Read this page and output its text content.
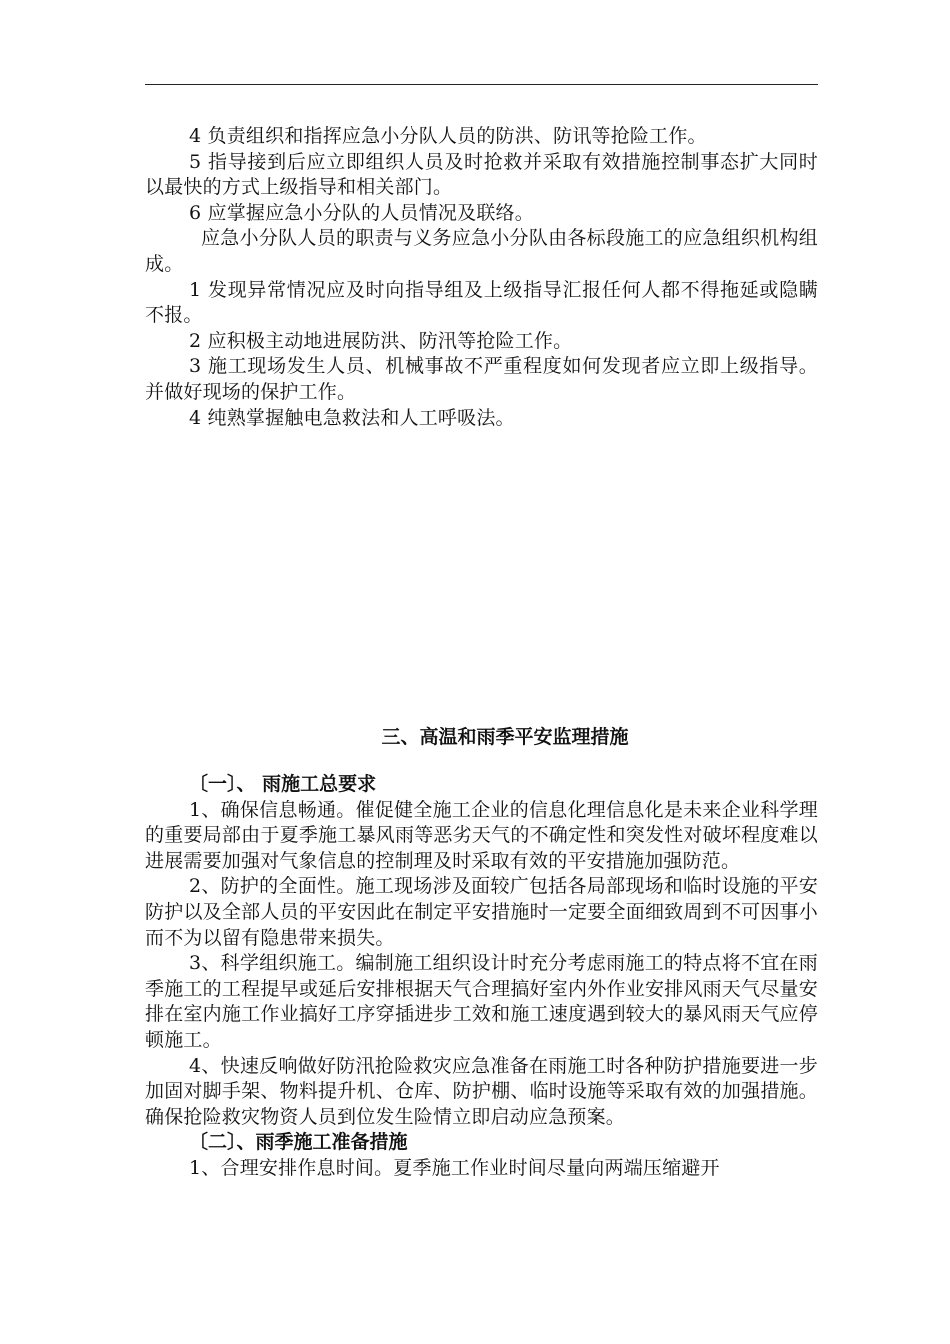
4 负责组织和指挥应急小分队人员的防洪、防讯等抢险工作。

5 指导接到后应立即组织人员及时抢救并采取有效措施控制事态扩大同时以最快的方式上级指导和相关部门。

6 应掌握应急小分队的人员情况及联络。

应急小分队人员的职责与义务应急小分队由各标段施工的应急组织机构组成。

1 发现异常情况应及时向指导组及上级指导汇报任何人都不得拖延或隐瞒不报。

2 应积极主动地进展防洪、防汛等抢险工作。

3 施工现场发生人员、机械事故不严重程度如何发现者应立即上级指导。并做好现场的保护工作。

4 纯熟掌握触电急救法和人工呼吸法。

三、高温和雨季平安监理措施

〔一〕、 雨施工总要求

1、确保信息畅通。催促健全施工企业的信息化理信息化是未来企业科学理的重要局部由于夏季施工暴风雨等恶劣天气的不确定性和突发性对破坏程度难以进展需要加强对气象信息的控制理及时采取有效的平安措施加强防范。

2、防护的全面性。施工现场涉及面较广包括各局部现场和临时设施的平安防护以及全部人员的平安因此在制定平安措施时一定要全面细致周到不可因事小而不为以留有隐患带来损失。

3、科学组织施工。编制施工组织设计时充分考虑雨施工的特点将不宜在雨季施工的工程提早或延后安排根据天气合理搞好室内外作业安排风雨天气尽量安排在室内施工作业搞好工序穿插进步工效和施工速度遇到较大的暴风雨天气应停顿施工。

4、快速反响做好防汛抢险救灾应急准备在雨施工时各种防护措施要进一步加固对脚手架、物料提升机、仓库、防护棚、临时设施等采取有效的加强措施。确保抢险救灾物资人员到位发生险情立即启动应急预案。

〔二〕、雨季施工准备措施

1、合理安排作息时间。夏季施工作业时间尽量向两端压缩避开
